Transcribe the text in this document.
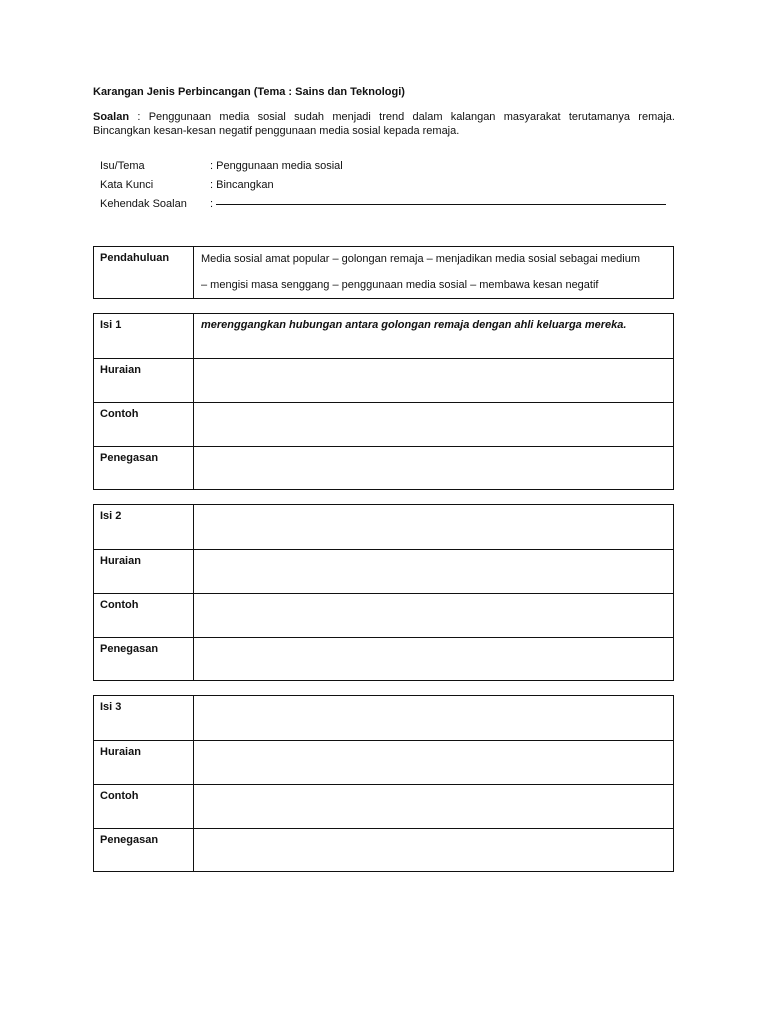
Karangan Jenis Perbincangan (Tema : Sains dan Teknologi)
Soalan : Penggunaan media sosial sudah menjadi trend dalam kalangan masyarakat terutamanya remaja.
Bincangkan kesan-kesan negatif penggunaan media sosial kepada remaja.
Isu/Tema	: Penggunaan media sosial
Kata Kunci	: Bincangkan
Kehendak Soalan :
Pendahuluan	Media sosial amat popular – golongan remaja – menjadikan media sosial sebagai medium
– mengisi masa senggang – penggunaan media sosial – membawa kesan negatif
Isi 1	merenggangkan hubungan antara golongan remaja dengan ahli keluarga mereka.
Huraian
Contoh
Penegasan
Isi 2
Huraian
Contoh
Penegasan
Isi 3
Huraian
Contoh
Penegasan
